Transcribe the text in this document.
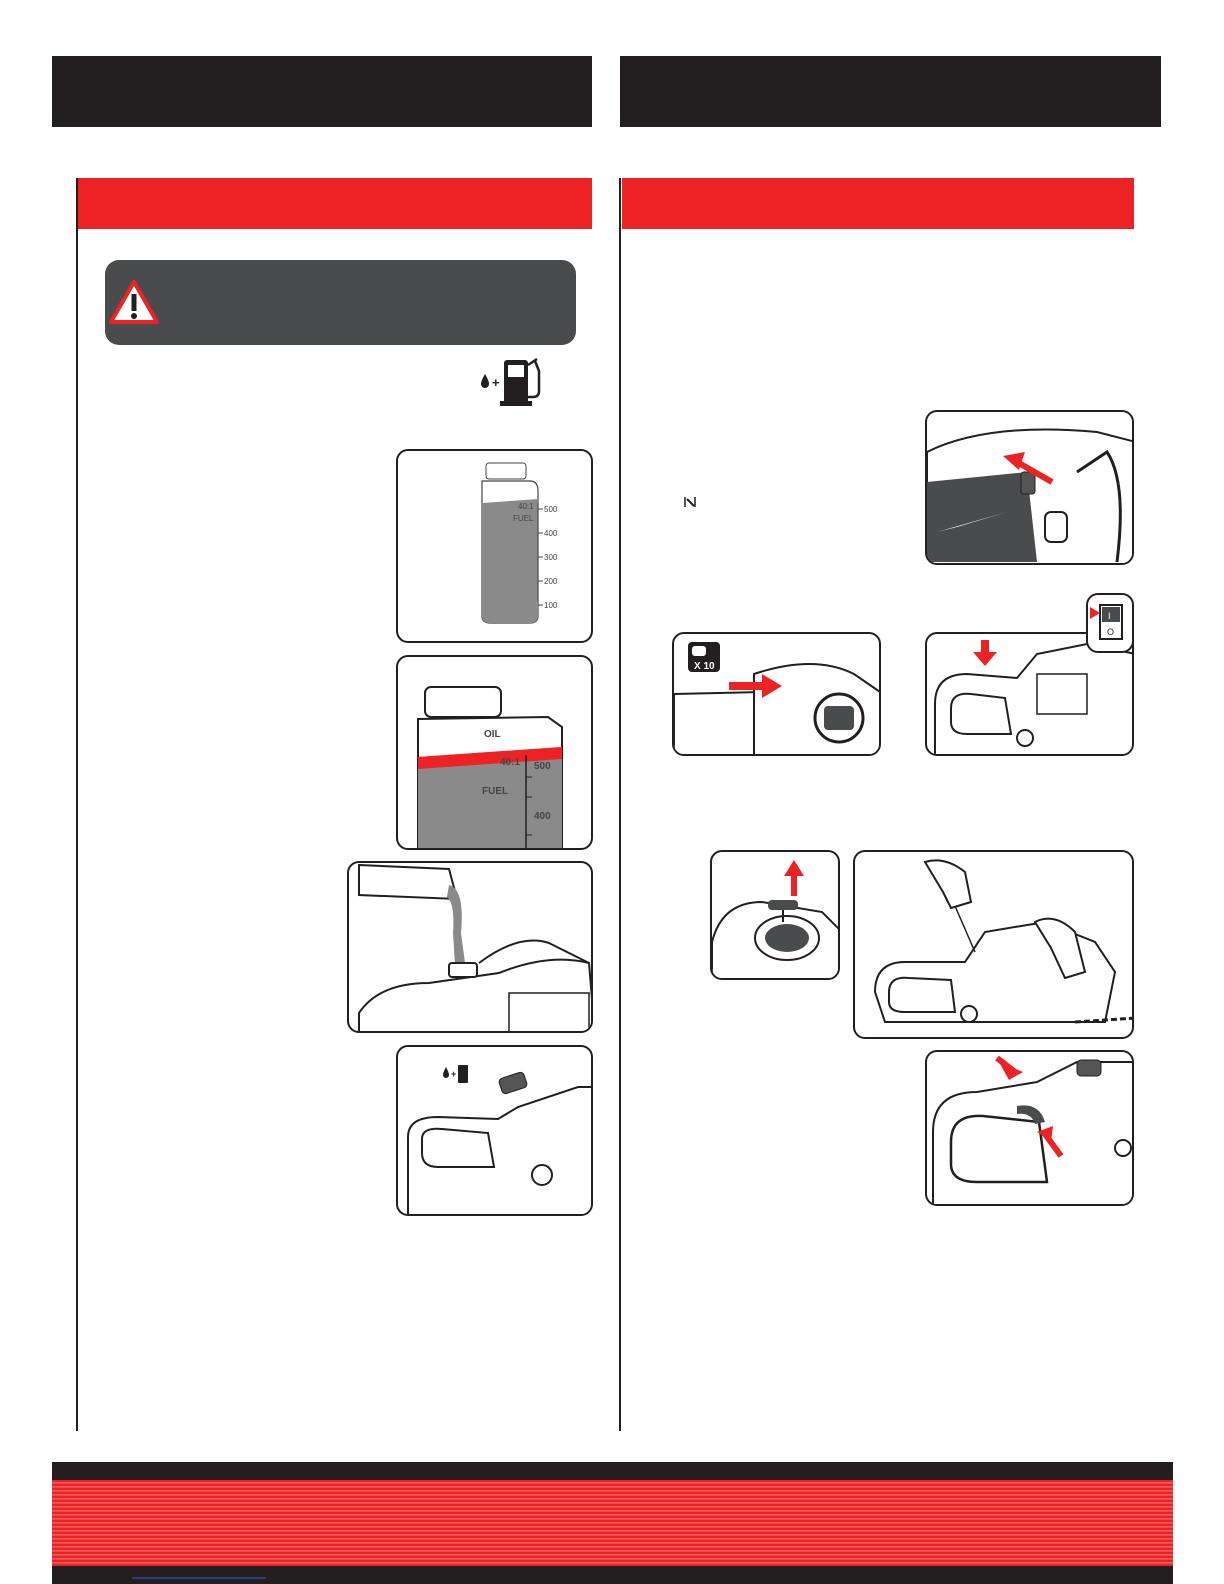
+
40:1
FUEL
500
400
300
200
100
OIL
40:1
FUEL
500
400
+
X 10
I
O
